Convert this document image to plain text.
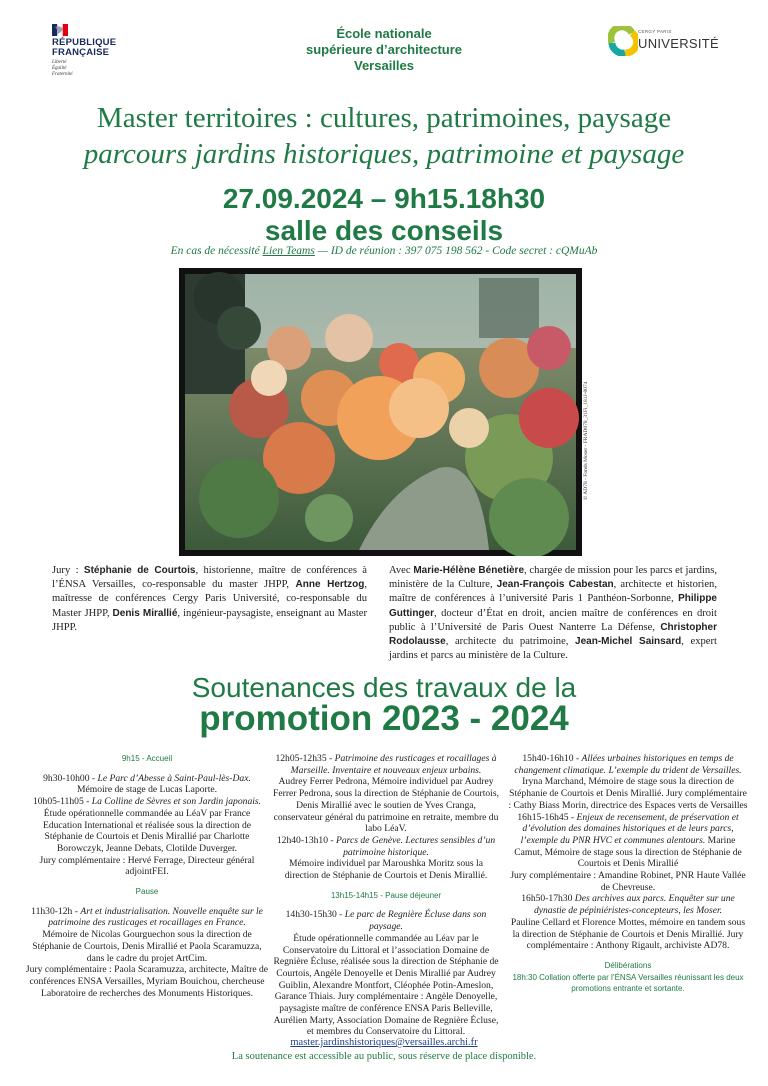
RÉPUBLIQUE
FRANÇAISE
Liberté
Égalité
Fraternité
École nationale
supérieure d’architecture
Versailles
CY
CERGY PARIS
UNIVERSITÉ
Master territoires : cultures, patrimoines, paysage
parcours jardins historiques, patrimoine et paysage
27.09.2024 – 9h15.18h30
salle des conseils
En cas de nécessité Lien Teams — ID de réunion : 397 075 198 562 - Code secret : cQMuAb
© AD78 - Fonds Moser - FRAD078_31Fi_181J-0074
Jury : Stéphanie de Courtois, historienne, maître de conférences à l’ÉNSA Versailles, co-responsable du master JHPP, Anne Hertzog, maîtresse de conférences Cergy Paris Université, co-responsable du Master JHPP, Denis Mirallié, ingénieur-paysagiste, enseignant au Master JHPP.
Avec Marie-Hélène Bénetière, chargée de mission pour les parcs et jardins, ministère de la Culture, Jean-François Cabestan, architecte et historien, maître de conférences à l’université Paris 1 Panthéon-Sorbonne, Philippe Guttinger, docteur d’État en droit, ancien maître de conférences en droit public à l’Université de Paris Ouest Nanterre La Défense, Christopher Rodolausse, architecte du patrimoine, Jean-Michel Sainsard, expert jardins et parcs au ministère de la Culture.
Soutenances des travaux de la
promotion 2023 - 2024

9h15 - Accueil

9h30-10h00 - Le Parc d’Abesse à Saint-Paul-lès-Dax.

Mémoire de stage de Lucas Laporte.

10h05-11h05 - La Colline de Sèvres et son Jardin japonais.

Étude opérationnelle commandée au LéaV par France Education International et réalisée sous la direction de Stéphanie de Courtois et Denis Mirallié par Charlotte Borowczyk, Jeanne Debats, Clotilde Duverger.

Jury complémentaire : Hervé Ferrage, Directeur général adjointFEI.

Pause

11h30-12h - Art et industrialisation. Nouvelle enquête sur le patrimoine des rusticages et rocaillages en France.

Mémoire de Nicolas Gourguechon sous la direction de Stéphanie de Courtois, Denis Mirallié et Paola Scaramuzza, dans le cadre du projet ArtCim.

Jury complémentaire : Paola Scaramuzza, architecte, Maître de conférences ENSA Versailles, Myriam Bouichou, chercheuse Laboratoire de recherches des Monuments Historiques.

12h05-12h35 - Patrimoine des rusticages et rocaillages à Marseille. Inventaire et nouveaux enjeux urbains.

Audrey Ferrer Pedrona, Mémoire individuel par Audrey Ferrer Pedrona, sous la direction de Stéphanie de Courtois, Denis Mirallié avec le soutien de Yves Cranga, conservateur général du patrimoine en retraite, membre du labo LéaV.

12h40-13h10 - Parcs de Genève. Lectures sensibles d’un patrimoine historique.

Mémoire individuel par Maroushka Moritz sous la direction de Stéphanie de Courtois et Denis Mirallié.

13h15-14h15 - Pause déjeuner

14h30-15h30 - Le parc de Regnière Écluse dans son paysage.

Étude opérationnelle commandée au Léav par le Conservatoire du Littoral et l’association Domaine de Regnière Écluse, réalisée sous la direction de Stéphanie de Courtois, Angèle Denoyelle et Denis Mirallié par Audrey Guiblin, Alexandre Montfort, Cléophée Potin-Ameslon, Garance Thiais. Jury complémentaire : Angèle Denoyelle, paysagiste maître de conférence ENSA Paris Belleville, Aurélien Marty, Association Domaine de Regnière Écluse, et membres du Conservatoire du Littoral.

15h40-16h10 - Allées urbaines historiques en temps de changement climatique. L’exemple du trident de Versailles.

Iryna Marchand, Mémoire de stage sous la direction de Stéphanie de Courtois et Denis Mirallié. Jury complémentaire : Cathy Biass Morin, directrice des Espaces verts de Versailles

16h15-16h45 - Enjeux de recensement, de préservation et d’évolution des domaines historiques et de leurs parcs, l’exemple du PNR HVC et communes alentours. Marine Camut, Mémoire de stage sous la direction de Stéphanie de Courtois et Denis Mirallié

Jury complémentaire : Amandine Robinet, PNR Haute Vallée de Chevreuse.

16h50-17h30 Des archives aux parcs. Enquêter sur une dynastie de pépiniéristes-concepteurs, les Moser.

Pauline Cellard et Florence Mottes, mémoire en tandem sous la direction de Stéphanie de Courtois et Denis Mirallié. Jury complémentaire : Anthony Rigault, archiviste AD78.

Délibérations

18h:30 Collation offerte par l’ÉNSA Versailles réunissant les deux promotions entrante et sortante.

master.jardinshistoriques@versailles.archi.fr
La soutenance est accessible au public, sous réserve de place disponible.
